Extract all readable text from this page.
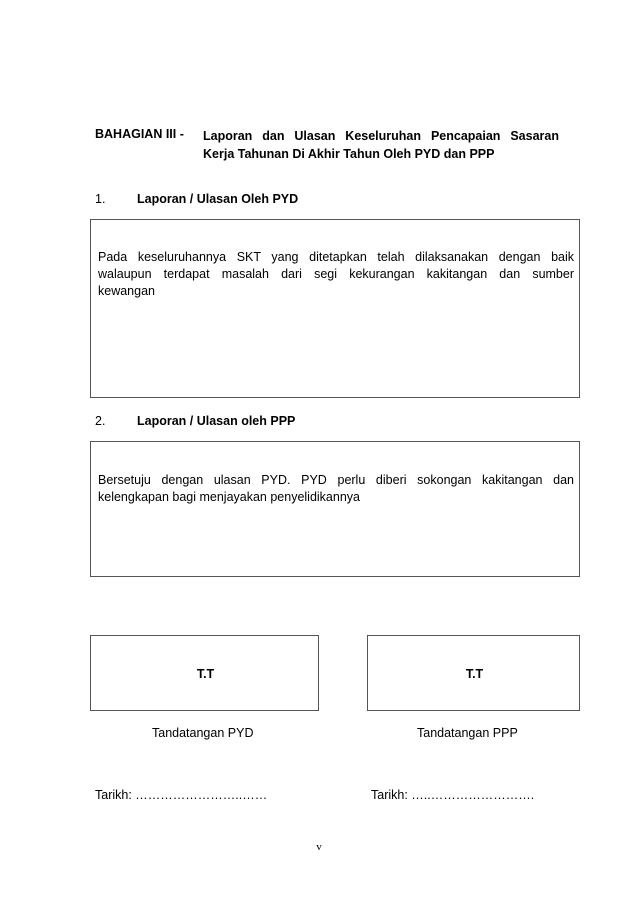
BAHAGIAN III - Laporan dan Ulasan Keseluruhan Pencapaian Sasaran
Kerja Tahunan Di Akhir Tahun Oleh PYD dan PPP
1.	Laporan / Ulasan Oleh PYD
Pada keseluruhannya SKT yang ditetapkan telah dilaksanakan dengan baik
walaupun terdapat masalah dari segi kekurangan kakitangan dan sumber
kewangan
2.	Laporan / Ulasan oleh PPP
Bersetuju dengan ulasan PYD. PYD perlu diberi sokongan kakitangan dan
kelengkapan bagi menjayakan penyelidikannya
T.T	T.T
Tandatangan PYD	Tandatangan PPP
Tarikh: ……………………..……	Tarikh: …..…………………….
v
